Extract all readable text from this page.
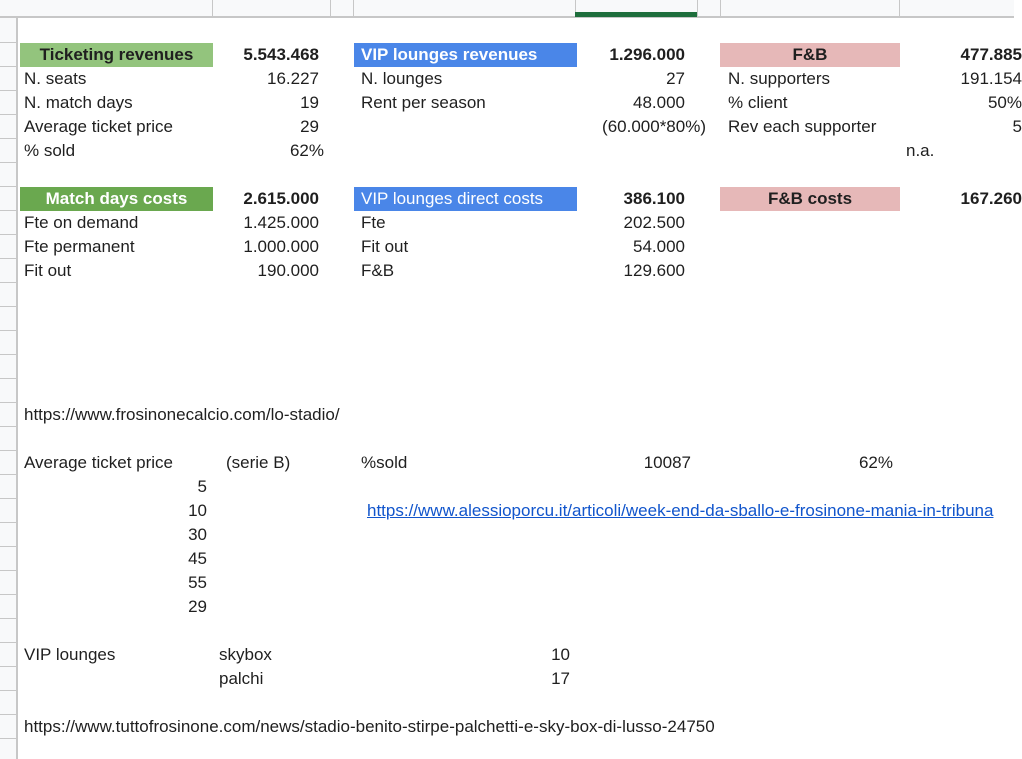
Ticketing revenues	5.543.468
N. seats	16.227
N. match days	19
Average ticket price	29
% sold	62%
VIP lounges revenues	1.296.000
N. lounges	27
Rent per season	48.000
(60.000*80%)
F&B	477.885
N. supporters	191.154
% client	50%
Rev each supporter	5
n.a.
Match days costs	2.615.000
Fte on demand	1.425.000
Fte permanent	1.000.000
Fit out	190.000
VIP lounges direct costs	386.100
Fte	202.500
Fit out	54.000
F&B	129.600
F&B costs	167.260
https://www.frosinonecalcio.com/lo-stadio/
Average ticket price	(serie B)	%sold	10087	62%
5
10	https://www.alessioporcu.it/articoli/week-end-da-sballo-e-frosinone-mania-in-tribuna
30
45
55
29
VIP lounges	skybox	10
palchi	17
https://www.tuttofrosinone.com/news/stadio-benito-stirpe-palchetti-e-sky-box-di-lusso-24750
